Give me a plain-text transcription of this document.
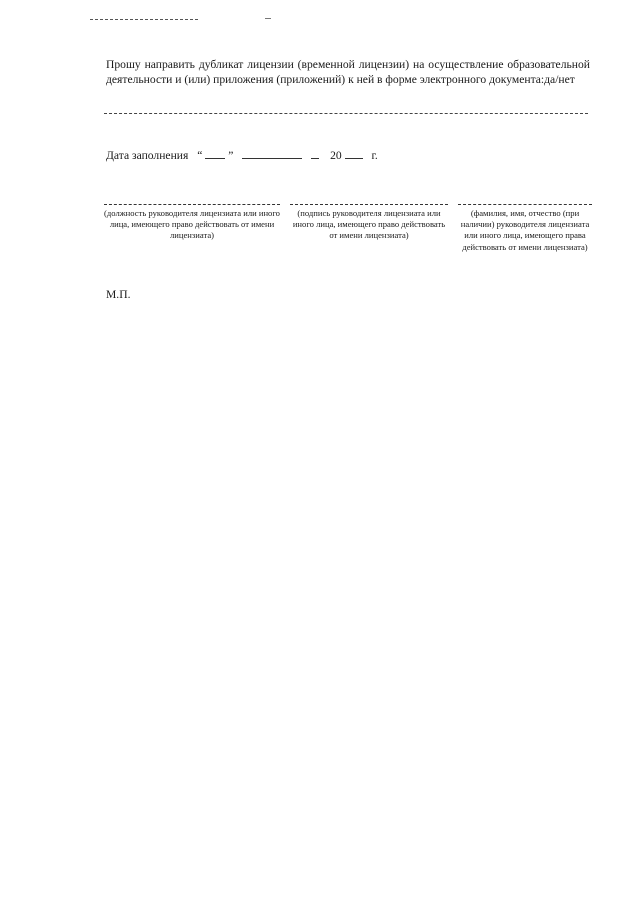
Прошу направить дубликат лицензии (временной лицензии) на осуществление образовательной деятельности и (или) приложения (приложений) к ней в форме электронного документа:да/нет
Дата заполнения “ ”	20	г.
(должность руководителя лицензиата или иного лица, имеющего право действовать от имени лицензиата)
(подпись руководителя лицензиата или иного лица, имеющего право действовать от имени лицензиата)
(фамилия, имя, отчество (при наличии) руководителя лицензиата или иного лица, имеющего права действовать от имени лицензиата)
М.П.
